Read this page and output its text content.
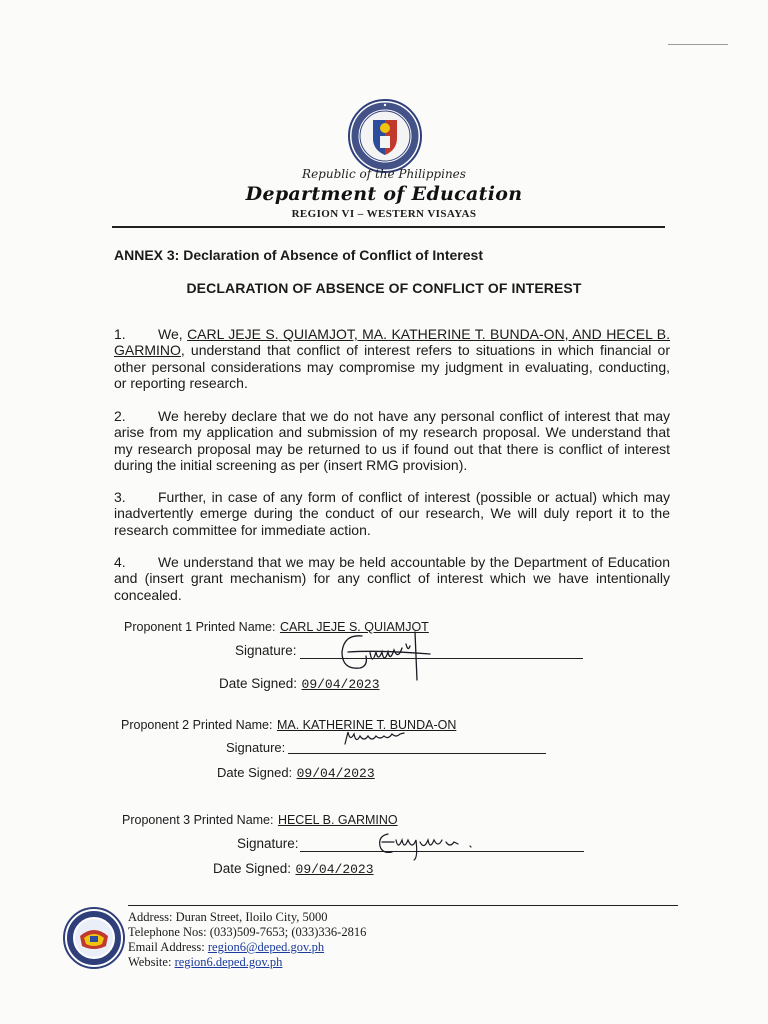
Republic of the Philippines
Department of Education
REGION VI – WESTERN VISAYAS
ANNEX 3: Declaration of Absence of Conflict of Interest
DECLARATION OF ABSENCE OF CONFLICT OF INTEREST
1. We, CARL JEJE S. QUIAMJOT, MA. KATHERINE T. BUNDA-ON, AND HECEL B. GARMINO, understand that conflict of interest refers to situations in which financial or other personal considerations may compromise my judgment in evaluating, conducting, or reporting research.
2. We hereby declare that we do not have any personal conflict of interest that may arise from my application and submission of my research proposal. We understand that my research proposal may be returned to us if found out that there is conflict of interest during the initial screening as per (insert RMG provision).
3. Further, in case of any form of conflict of interest (possible or actual) which may inadvertently emerge during the conduct of our research, We will duly report it to the research committee for immediate action.
4. We understand that we may be held accountable by the Department of Education and (insert grant mechanism) for any conflict of interest which we have intentionally concealed.
Proponent 1 Printed Name: CARL JEJE S. QUIAMJOT
Signature:
Date Signed: 09/04/2023
Proponent 2 Printed Name: MA. KATHERINE T. BUNDA-ON
Signature:
Date Signed: 09/04/2023
Proponent 3 Printed Name: HECEL B. GARMINO
Signature:
Date Signed: 09/04/2023
Address: Duran Street, Iloilo City, 5000
Telephone Nos: (033)509-7653; (033)336-2816
Email Address: region6@deped.gov.ph
Website: region6.deped.gov.ph
